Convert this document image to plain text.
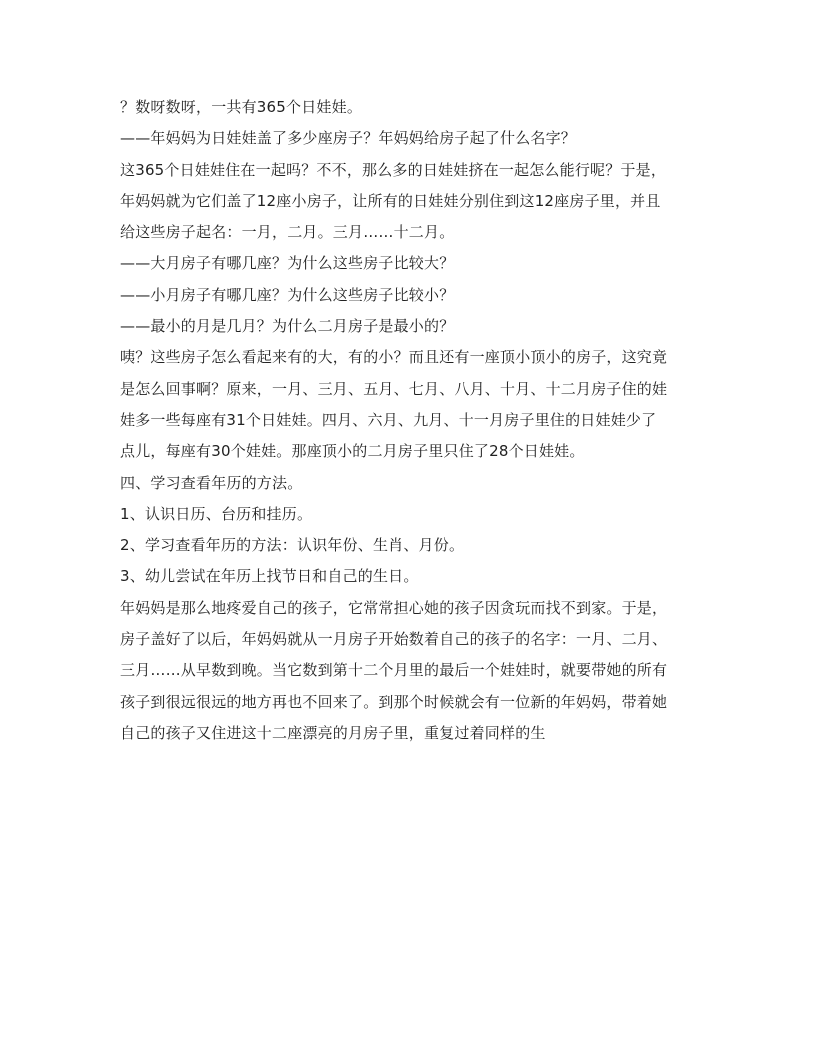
？数呀数呀，一共有365个日娃娃。
——年妈妈为日娃娃盖了多少座房子？年妈妈给房子起了什么名字？
这365个日娃娃住在一起吗？不不，那么多的日娃娃挤在一起怎么能行呢？于是，
年妈妈就为它们盖了12座小房子，让所有的日娃娃分别住到这12座房子里，并且
给这些房子起名：一月，二月。三月……十二月。
——大月房子有哪几座？为什么这些房子比较大？
——小月房子有哪几座？为什么这些房子比较小？
——最小的月是几月？为什么二月房子是最小的？
咦？这些房子怎么看起来有的大，有的小？而且还有一座顶小顶小的房子，这究竟
是怎么回事啊？原来，一月、三月、五月、七月、八月、十月、十二月房子住的娃
娃多一些每座有31个日娃娃。四月、六月、九月、十一月房子里住的日娃娃少了
点儿，每座有30个娃娃。那座顶小的二月房子里只住了28个日娃娃。
四、学习查看年历的方法。
1、认识日历、台历和挂历。
2、学习查看年历的方法：认识年份、生肖、月份。
3、幼儿尝试在年历上找节日和自己的生日。
年妈妈是那么地疼爱自己的孩子，它常常担心她的孩子因贪玩而找不到家。于是，
房子盖好了以后，年妈妈就从一月房子开始数着自己的孩子的名字：一月、二月、
三月……从早数到晚。当它数到第十二个月里的最后一个娃娃时，就要带她的所有
孩子到很远很远的地方再也不回来了。到那个时候就会有一位新的年妈妈，带着她
自己的孩子又住进这十二座漂亮的月房子里，重复过着同样的生
